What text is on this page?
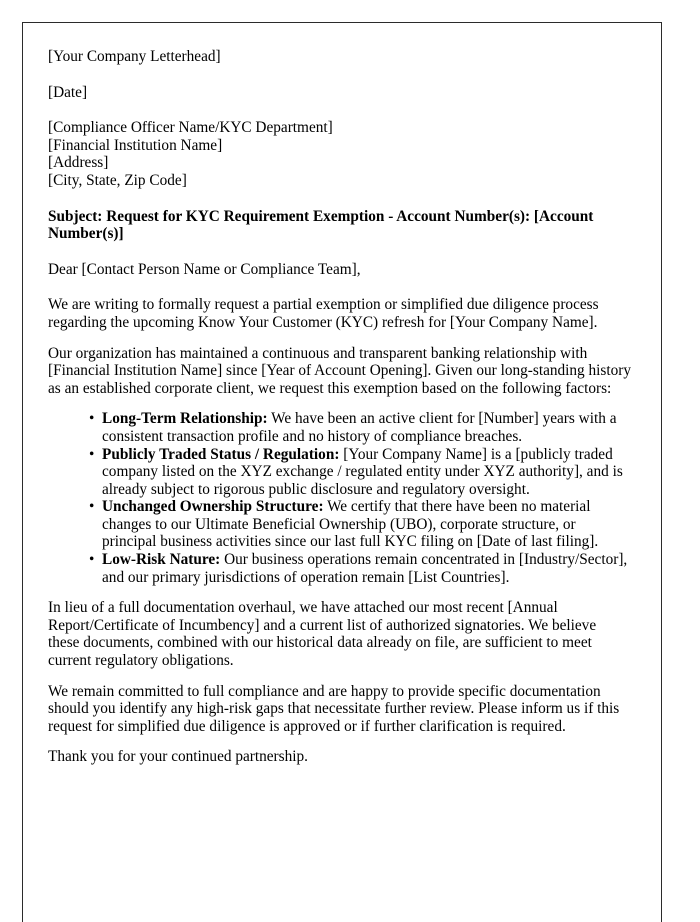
[Your Company Letterhead]

[Date]

[Compliance Officer Name/KYC Department]

[Financial Institution Name]

[Address]

[City, State, Zip Code]

Subject: Request for KYC Requirement Exemption - Account Number(s): [Account Number(s)]

Dear [Contact Person Name or Compliance Team],

We are writing to formally request a partial exemption or simplified due diligence process regarding the upcoming Know Your Customer (KYC) refresh for [Your Company Name].

Our organization has maintained a continuous and transparent banking relationship with [Financial Institution Name] since [Year of Account Opening]. Given our long-standing history as an established corporate client, we request this exemption based on the following factors:

• Long-Term Relationship: We have been an active client for [Number] years with a consistent transaction profile and no history of compliance breaches.
• Publicly Traded Status / Regulation: [Your Company Name] is a [publicly traded company listed on the XYZ exchange / regulated entity under XYZ authority], and is already subject to rigorous public disclosure and regulatory oversight.
• Unchanged Ownership Structure: We certify that there have been no material changes to our Ultimate Beneficial Ownership (UBO), corporate structure, or principal business activities since our last full KYC filing on [Date of last filing].
• Low-Risk Nature: Our business operations remain concentrated in [Industry/Sector], and our primary jurisdictions of operation remain [List Countries].

In lieu of a full documentation overhaul, we have attached our most recent [Annual Report/Certificate of Incumbency] and a current list of authorized signatories. We believe these documents, combined with our historical data already on file, are sufficient to meet current regulatory obligations.

We remain committed to full compliance and are happy to provide specific documentation should you identify any high-risk gaps that necessitate further review. Please inform us if this request for simplified due diligence is approved or if further clarification is required.

Thank you for your continued partnership.
